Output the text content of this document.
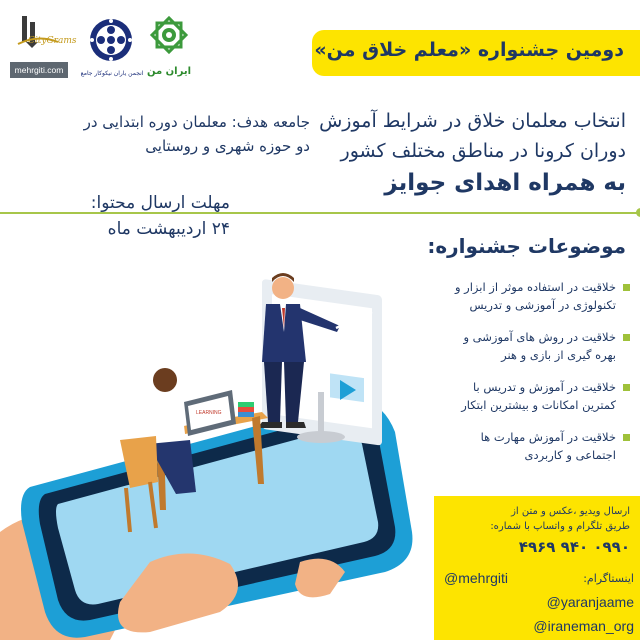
CityGrams
mehrgiti.com	انجمن یاران نیکوکار جامع ایران من
دومین جشنواره «معلم خلاق من»
انتخاب معلمان خلاق در شرایط آموزش
دوران کرونا در مناطق مختلف کشور
به همراه اهدای جوایز
جامعه هدف: معلمان دوره ابتدایی در
دو حوزه شهری و روستایی
مهلت ارسال محتوا:
۲۴ اردیبهشت ماه
موضوعات جشنواره:
خلاقیت در استفاده موثر از ابزار و
تکنولوژی در آموزشی و تدریس
خلاقیت در روش های آموزشی و
بهره گیری از بازی و هنر
خلاقیت در آموزش و تدریس با
کمترین امکانات و بیشترین ابتکار
خلاقیت در آموزش مهارت ها
اجتماعی و کاربردی
ارسال ویدیو ،عکس و متن از
طریق تلگرام و واتساپ با شماره:
۰۹۹۰ ۹۴۰ ۴۹۶۹
اینستاگرام:
@mehrgiti
@yaranjaame
@iraneman_org
LEARNING
